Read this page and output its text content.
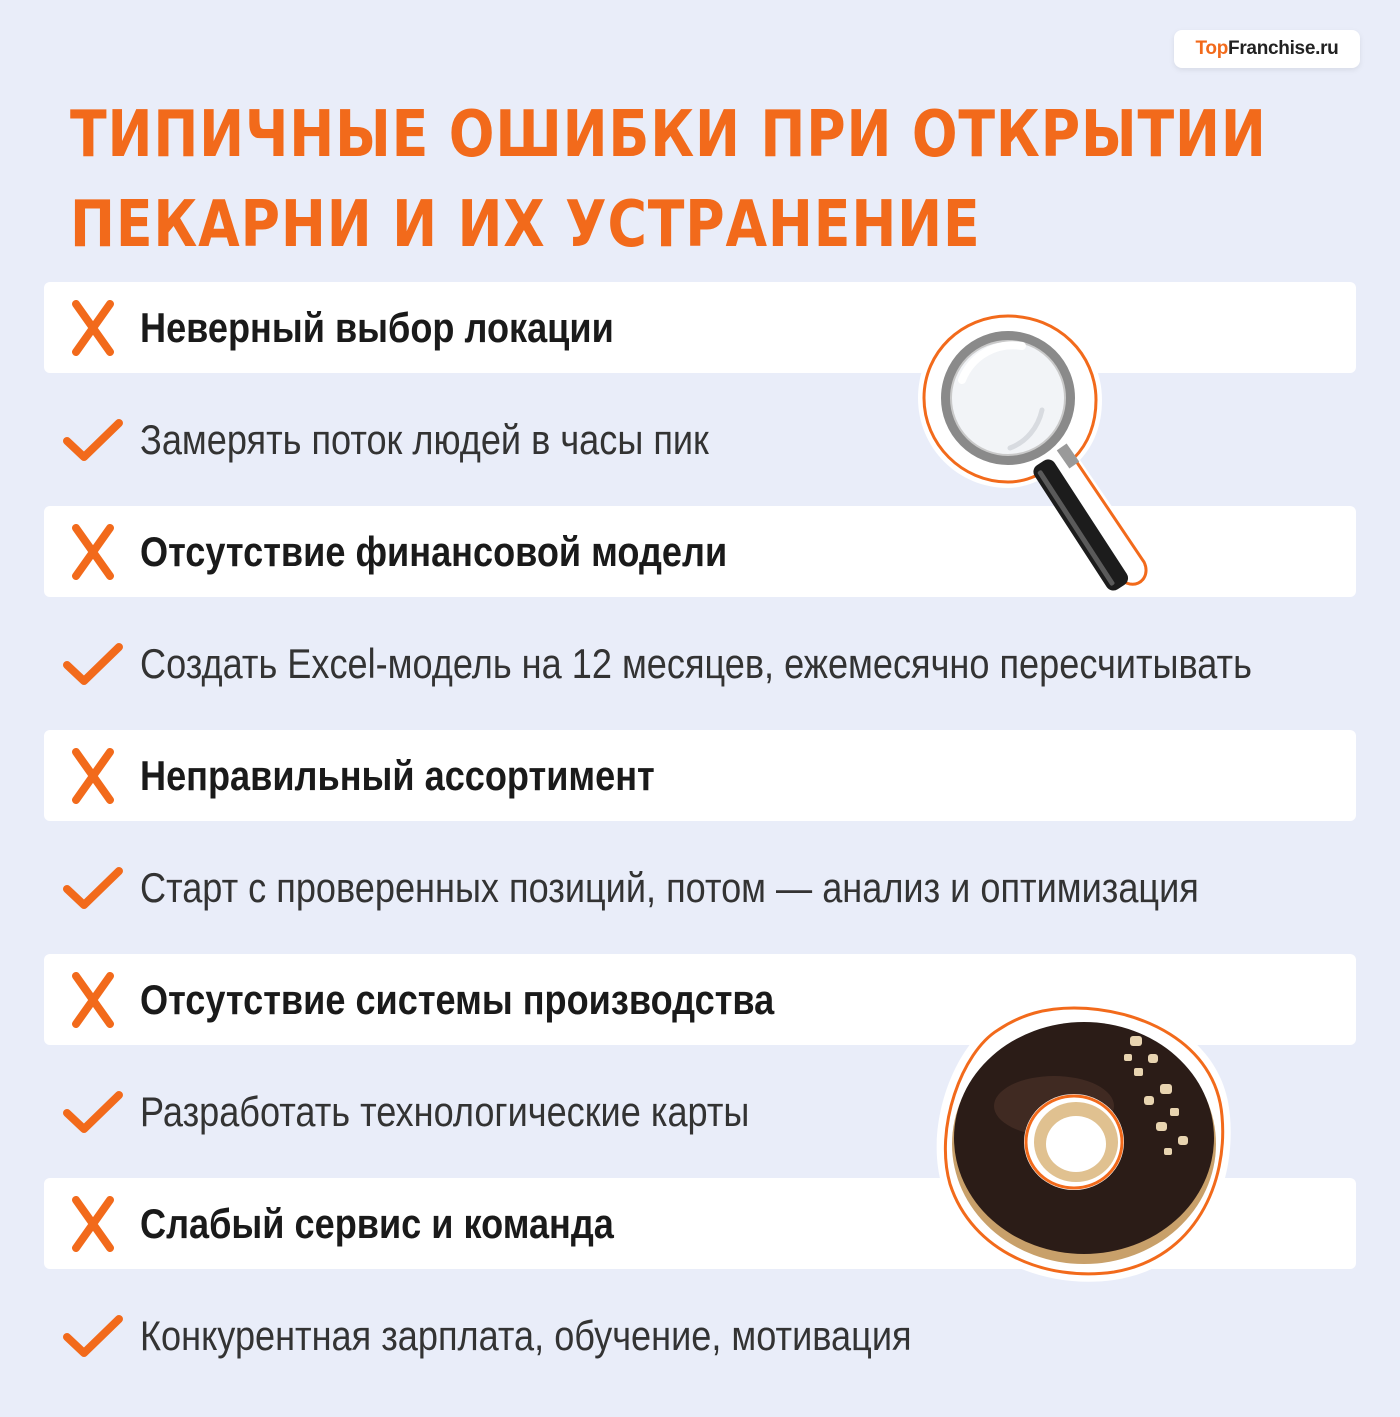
Top Franchise.ru
ТИПИЧНЫЕ ОШИБКИ ПРИ ОТКРЫТИИ
ПЕКАРНИ И ИХ УСТРАНЕНИЕ
Неверный выбор локации
Замерять поток людей в часы пик
Отсутствие финансовой модели
Создать Excel-модель на 12 месяцев, ежемесячно пересчитывать
Неправильный ассортимент
Старт с проверенных позиций, потом — анализ и оптимизация
Отсутствие системы производства
Разработать технологические карты
Слабый сервис и команда
Конкурентная зарплата, обучение, мотивация
